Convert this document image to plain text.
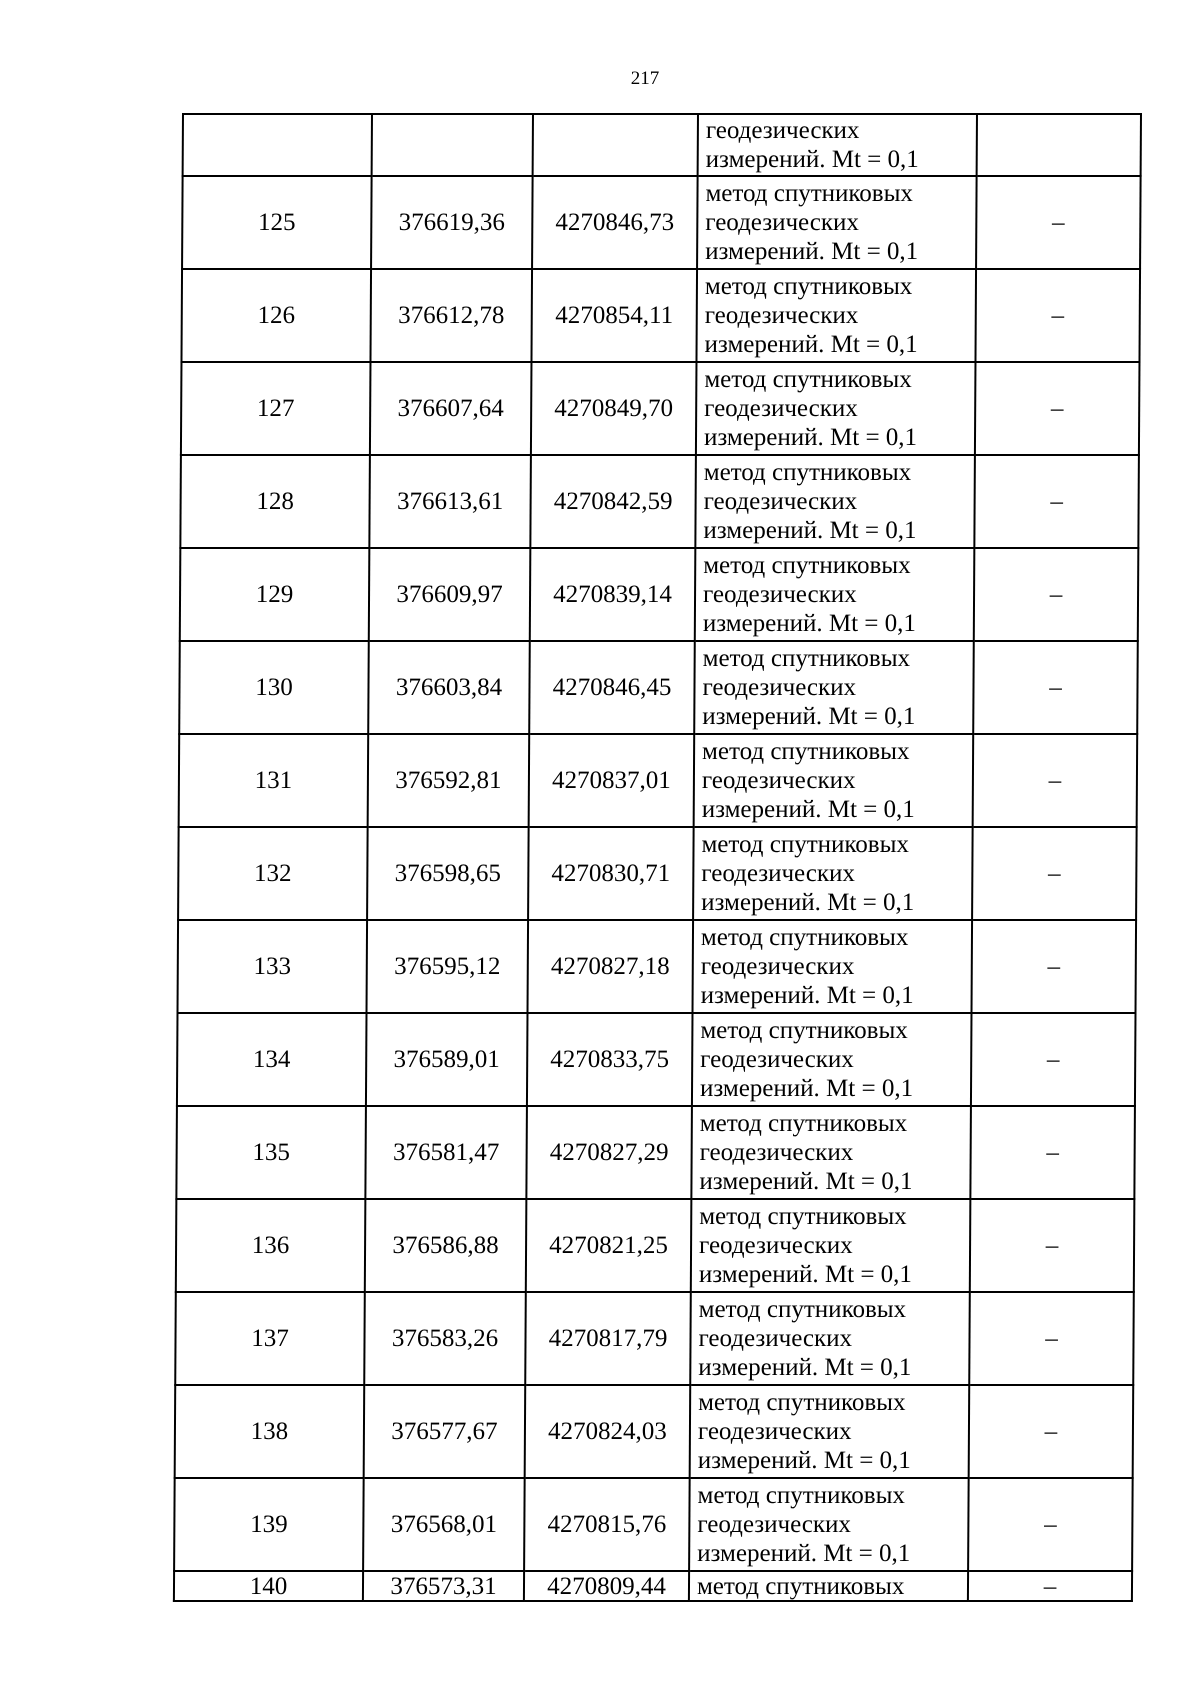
217

			геодезических
измерений. Mt = 0,1	

125	376619,36	4270846,73	метод спутниковых
геодезических
измерений. Mt = 0,1	–
126	376612,78	4270854,11	метод спутниковых
геодезических
измерений. Mt = 0,1	–
127	376607,64	4270849,70	метод спутниковых
геодезических
измерений. Mt = 0,1	–
128	376613,61	4270842,59	метод спутниковых
геодезических
измерений. Mt = 0,1	–
129	376609,97	4270839,14	метод спутниковых
геодезических
измерений. Mt = 0,1	–
130	376603,84	4270846,45	метод спутниковых
геодезических
измерений. Mt = 0,1	–
131	376592,81	4270837,01	метод спутниковых
геодезических
измерений. Mt = 0,1	–
132	376598,65	4270830,71	метод спутниковых
геодезических
измерений. Mt = 0,1	–
133	376595,12	4270827,18	метод спутниковых
геодезических
измерений. Mt = 0,1	–
134	376589,01	4270833,75	метод спутниковых
геодезических
измерений. Mt = 0,1	–
135	376581,47	4270827,29	метод спутниковых
геодезических
измерений. Mt = 0,1	–
136	376586,88	4270821,25	метод спутниковых
геодезических
измерений. Mt = 0,1	–
137	376583,26	4270817,79	метод спутниковых
геодезических
измерений. Mt = 0,1	–
138	376577,67	4270824,03	метод спутниковых
геодезических
измерений. Mt = 0,1	–
139	376568,01	4270815,76	метод спутниковых
геодезических
измерений. Mt = 0,1	–
140	376573,31	4270809,44	метод спутниковых	–
